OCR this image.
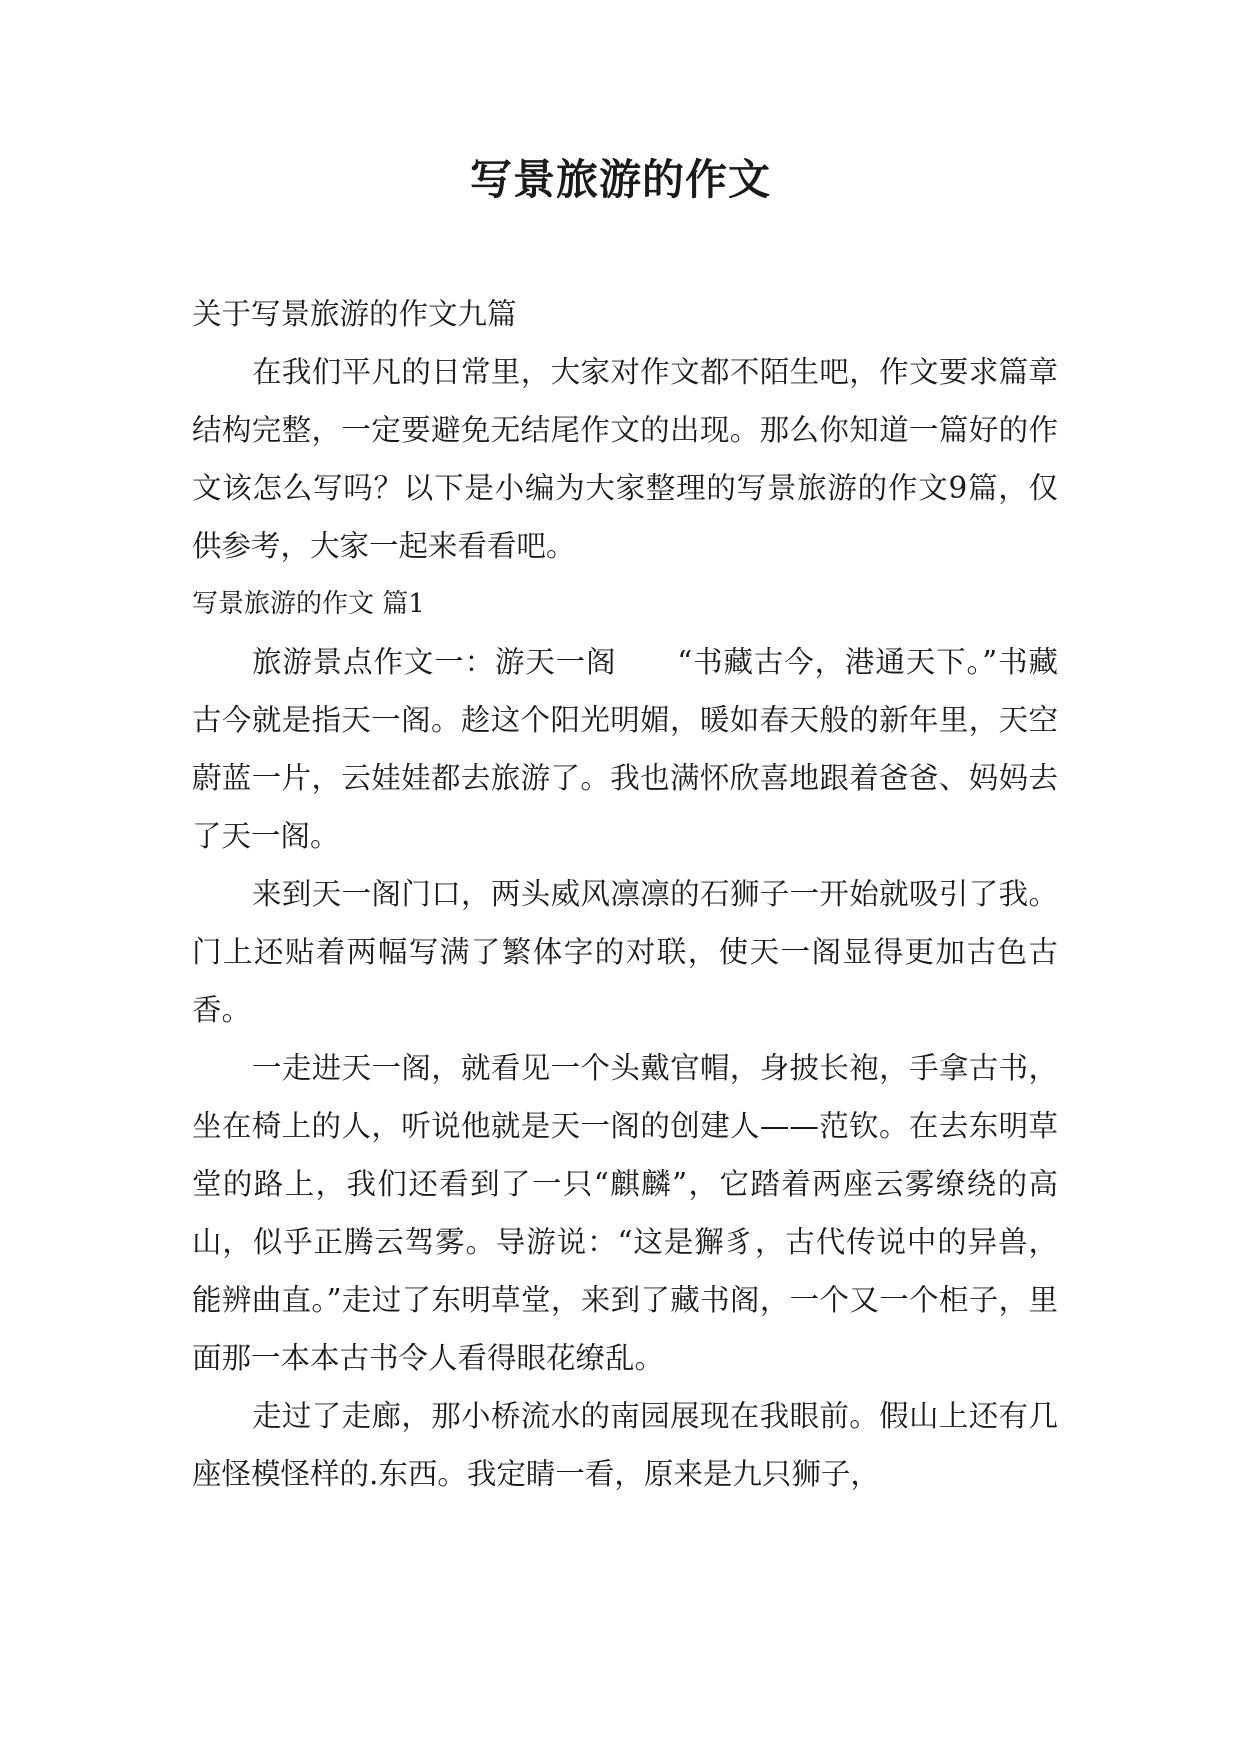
写景旅游的作文

关于写景旅游的作文九篇

在我们平凡的日常里，大家对作文都不陌生吧，作文要求篇章结构完整，一定要避免无结尾作文的出现。那么你知道一篇好的作文该怎么写吗？以下是小编为大家整理的写景旅游的作文9篇，仅供参考，大家一起来看看吧。

写景旅游的作文 篇1

旅游景点作文一：游天一阁　　“书藏古今，港通天下。”书藏古今就是指天一阁。趁这个阳光明媚，暖如春天般的新年里，天空蔚蓝一片，云娃娃都去旅游了。我也满怀欣喜地跟着爸爸、妈妈去了天一阁。

来到天一阁门口，两头威风凛凛的石狮子一开始就吸引了我。门上还贴着两幅写满了繁体字的对联，使天一阁显得更加古色古香。

一走进天一阁，就看见一个头戴官帽，身披长袍，手拿古书，坐在椅上的人，听说他就是天一阁的创建人——范钦。在去东明草堂的路上，我们还看到了一只“麒麟”，它踏着两座云雾缭绕的高山，似乎正腾云驾雾。导游说：“这是獬豸，古代传说中的异兽，能辨曲直。”走过了东明草堂，来到了藏书阁，一个又一个柜子，里面那一本本古书令人看得眼花缭乱。

走过了走廊，那小桥流水的南园展现在我眼前。假山上还有几座怪模怪样的.东西。我定睛一看，原来是九只狮子，
